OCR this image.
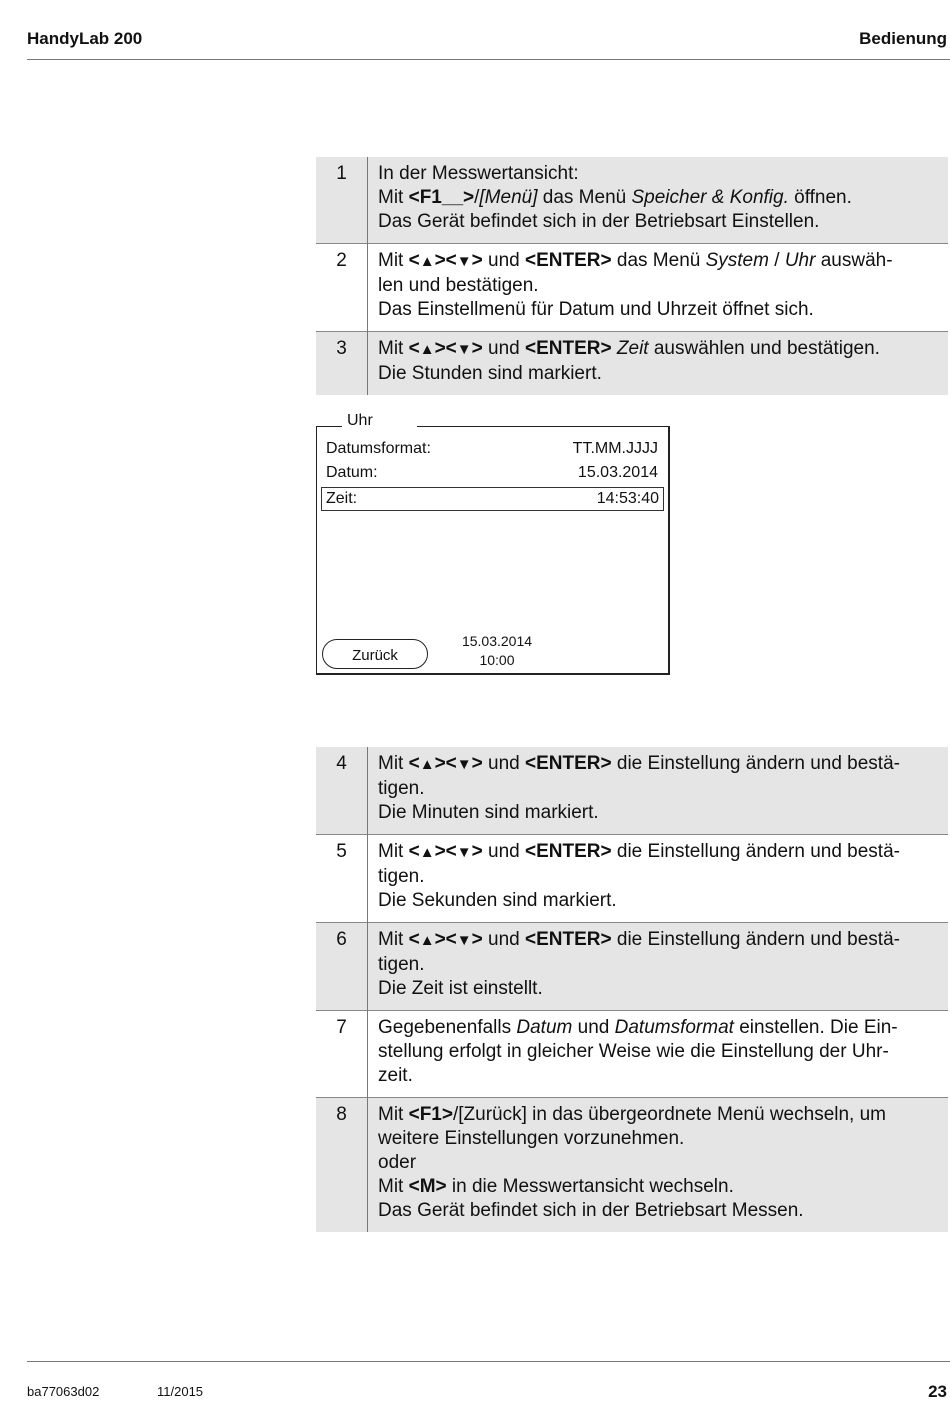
HandyLab 200	Bedienung
1	In der Messwertansicht:
Mit <F1__>/[Menü] das Menü Speicher & Konfig. öffnen.
Das Gerät befindet sich in der Betriebsart Einstellen.

2	Mit <▲><▼> und <ENTER> das Menü System / Uhr auswäh-
len und bestätigen.
Das Einstellmenü für Datum und Uhrzeit öffnet sich.

3	Mit <▲><▼> und <ENTER> Zeit auswählen und bestätigen.
Die Stunden sind markiert.
Uhr
Datumsformat:	TT.MM.JJJJ
Datum:	15.03.2014
Zeit:	14:53:40
Zurück
15.03.2014
10:00
4	Mit <▲><▼> und <ENTER> die Einstellung ändern und bestä-
tigen.
Die Minuten sind markiert.

5	Mit <▲><▼> und <ENTER> die Einstellung ändern und bestä-
tigen.
Die Sekunden sind markiert.

6	Mit <▲><▼> und <ENTER> die Einstellung ändern und bestä-
tigen.
Die Zeit ist einstellt.

7	Gegebenenfalls Datum und Datumsformat einstellen. Die Ein-
stellung erfolgt in gleicher Weise wie die Einstellung der Uhr-
zeit.

8	Mit <F1>/[Zurück] in das übergeordnete Menü wechseln, um
weitere Einstellungen vorzunehmen.
oder
Mit <M> in die Messwertansicht wechseln.
Das Gerät befindet sich in der Betriebsart Messen.
ba77063d02	11/2015	23
